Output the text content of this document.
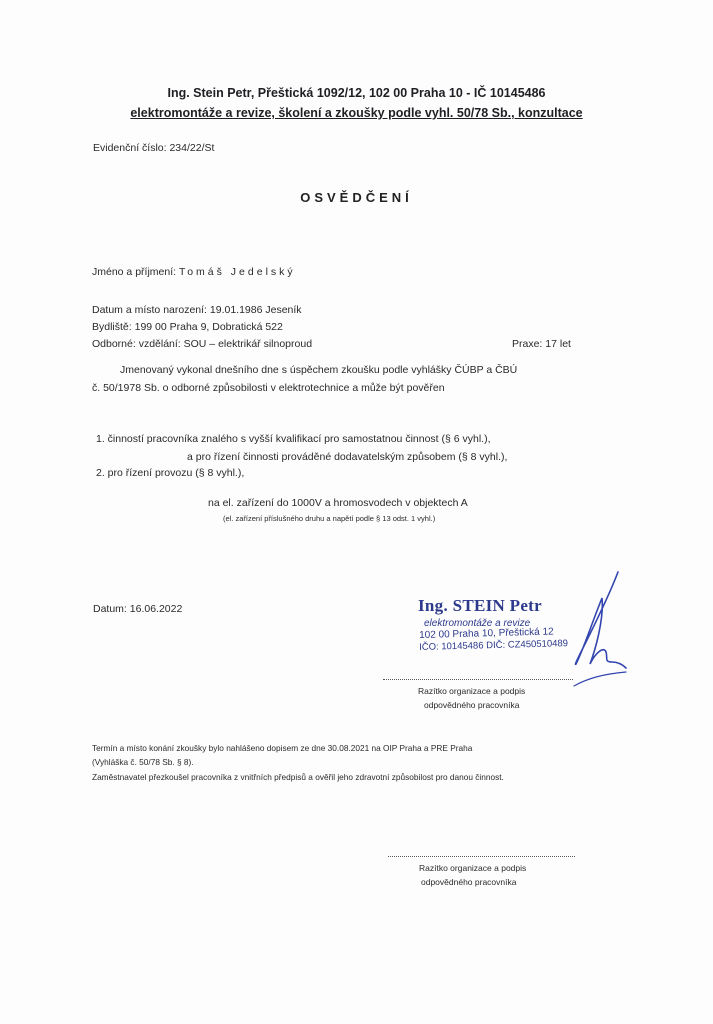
Ing. Stein Petr, Přeštická 1092/12, 102 00 Praha 10 - IČ 10145486
elektromontáže a revize, školení a zkoušky podle vyhl. 50/78 Sb., konzultace
Evidenční číslo: 234/22/St
OSVĚDČENÍ
Jméno a příjmení: Tomáš Jedelský
Datum a místo narození: 19.01.1986 Jeseník
Bydliště: 199 00 Praha 9, Dobratická 522
Odborné: vzdělání: SOU – elektrikář silnoproud	Praxe: 17 let
Jmenovaný vykonal dnešního dne s úspěchem zkoušku podle vyhlášky ČÚBP a ČBÚ
č. 50/1978 Sb. o odborné způsobilosti v elektrotechnice a může být pověřen
1. činností pracovníka znalého s vyšší kvalifikací pro samostatnou činnost (§ 6 vyhl.),
a pro řízení činnosti prováděné dodavatelským způsobem (§ 8 vyhl.),
2. pro řízení provozu (§ 8 vyhl.),
na el. zařízení do 1000V a hromosvodech v objektech A
(el. zařízení příslušného druhu a napětí podle § 13 odst. 1 vyhl.)
Datum: 16.06.2022	Ing. STEIN Petr
elektromontáže a revize
102 00 Praha 10, Přeštická 12
IČO: 10145486 DIČ: CZ450510489
Razítko organizace a podpis
odpovědného pracovníka
Termín a místo konání zkoušky bylo nahlášeno dopisem ze dne 30.08.2021 na OIP Praha a PRE Praha
(Vyhláška č. 50/78 Sb. § 8).
Zaměstnavatel přezkoušel pracovníka z vnitřních předpisů a ověřil jeho zdravotní způsobilost pro danou činnost.
Razítko organizace a podpis
odpovědného pracovníka
